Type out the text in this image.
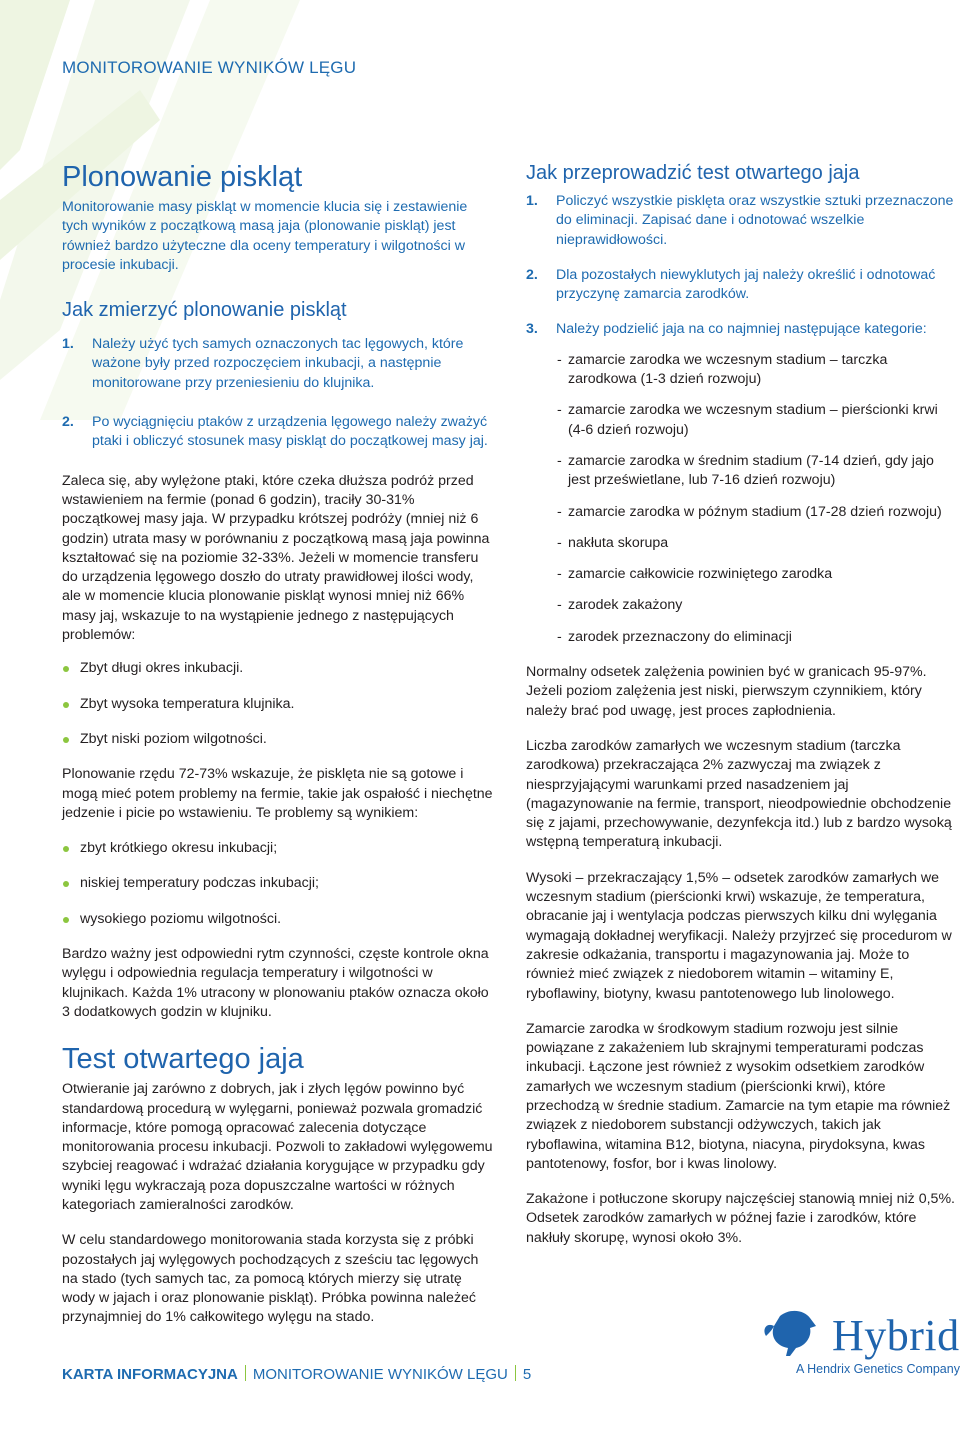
MONITOROWANIE WYNIKÓW LĘGU
Plonowanie piskląt

Monitorowanie masy piskląt w momencie klucia się i zestawienie tych wyników z początkową masą jaja (plonowanie piskląt) jest również bardzo użyteczne dla oceny temperatury i wilgotności w procesie inkubacji.

Jak zmierzyć plonowanie piskląt
1. Należy użyć tych samych oznaczonych tac lęgowych, które ważone były przed rozpoczęciem inkubacji, a następnie monitorowane przy przeniesieniu do klujnika.
2. Po wyciągnięciu ptaków z urządzenia lęgowego należy zważyć ptaki i obliczyć stosunek masy piskląt do początkowej masy jaj.

Zaleca się, aby wylężone ptaki, które czeka dłuższa podróż przed wstawieniem na fermie (ponad 6 godzin), traciły 30-31% początkowej masy jaja. W przypadku krótszej podróży (mniej niż 6 godzin) utrata masy w porównaniu z początkową masą jaja powinna kształtować się na poziomie 32-33%. Jeżeli w momencie transferu do urządzenia lęgowego doszło do utraty prawidłowej ilości wody, ale w momencie klucia plonowanie piskląt wynosi mniej niż 66% masy jaj, wskazuje to na wystąpienie jednego z następujących problemów:

Zbyt długi okres inkubacji.
Zbyt wysoka temperatura klujnika.
Zbyt niski poziom wilgotności.

Plonowanie rzędu 72-73% wskazuje, że pisklęta nie są gotowe i mogą mieć potem problemy na fermie, takie jak ospałość i niechętne jedzenie i picie po wstawieniu. Te problemy są wynikiem:

zbyt krótkiego okresu inkubacji;
niskiej temperatury podczas inkubacji;
wysokiego poziomu wilgotności.

Bardzo ważny jest odpowiedni rytm czynności, częste kontrole okna wylęgu i odpowiednia regulacja temperatury i wilgotności w klujnikach. Każda 1% utracony w plonowaniu ptaków oznacza około 3 dodatkowych godzin w klujniku.

Test otwartego jaja

Otwieranie jaj zarówno z dobrych, jak i złych lęgów powinno być standardową procedurą w wylęgarni, ponieważ pozwala gromadzić informacje, które pomogą opracować zalecenia dotyczące monitorowania procesu inkubacji. Pozwoli to zakładowi wylęgowemu szybciej reagować i wdrażać działania korygujące w przypadku gdy wyniki lęgu wykraczają poza dopuszczalne wartości w różnych kategoriach zamieralności zarodków.

W celu standardowego monitorowania stada korzysta się z próbki pozostałych jaj wylęgowych pochodzących z sześciu tac lęgowych na stado (tych samych tac, za pomocą których mierzy się utratę wody w jajach i oraz plonowanie piskląt). Próbka powinna należeć przynajmniej do 1% całkowitego wylęgu na stado.

Jak przeprowadzić test otwartego jaja
1. Policzyć wszystkie pisklęta oraz wszystkie sztuki przeznaczone do eliminacji. Zapisać dane i odnotować wszelkie nieprawidłowości.
2. Dla pozostałych niewyklutych jaj należy określić i odnotować przyczynę zamarcia zarodków.
3. Należy podzielić jaja na co najmniej następujące kategorie:
- zamarcie zarodka we wczesnym stadium – tarczka zarodkowa (1-3 dzień rozwoju)
- zamarcie zarodka we wczesnym stadium – pierścionki krwi (4-6 dzień rozwoju)
- zamarcie zarodka w średnim stadium (7-14 dzień, gdy jajo jest prześwietlane, lub 7-16 dzień rozwoju)
- zamarcie zarodka w późnym stadium (17-28 dzień rozwoju)
- nakłuta skorupa
- zamarcie całkowicie rozwiniętego zarodka
- zarodek zakażony
- zarodek przeznaczony do eliminacji

Normalny odsetek zalężenia powinien być w granicach 95-97%. Jeżeli poziom zalężenia jest niski, pierwszym czynnikiem, który należy brać pod uwagę, jest proces zapłodnienia.

Liczba zarodków zamarłych we wczesnym stadium (tarczka zarodkowa) przekraczająca 2% zazwyczaj ma związek z niesprzyjającymi warunkami przed nasadzeniem jaj (magazynowanie na fermie, transport, nieodpowiednie obchodzenie się z jajami, przechowywanie, dezynfekcja itd.) lub z bardzo wysoką wstępną temperaturą inkubacji.

Wysoki – przekraczający 1,5% – odsetek zarodków zamarłych we wczesnym stadium (pierścionki krwi) wskazuje, że temperatura, obracanie jaj i wentylacja podczas pierwszych kilku dni wylęgania wymagają dokładnej weryfikacji. Należy przyjrzeć się procedurom w zakresie odkażania, transportu i magazynowania jaj. Może to również mieć związek z niedoborem witamin – witaminy E, ryboflawiny, biotyny, kwasu pantotenowego lub linolowego.

Zamarcie zarodka w środkowym stadium rozwoju jest silnie powiązane z zakażeniem lub skrajnymi temperaturami podczas inkubacji. Łączone jest również z wysokim odsetkiem zarodków zamarłych we wczesnym stadium (pierścionki krwi), które przechodzą w średnie stadium. Zamarcie na tym etapie ma również związek z niedoborem substancji odżywczych, takich jak ryboflawina, witamina B12, biotyna, niacyna, pirydoksyna, kwas pantotenowy, fosfor, bor i kwas linolowy.

Zakażone i potłuczone skorupy najczęściej stanowią mniej niż 0,5%. Odsetek zarodków zamarłych w późnej fazie i zarodków, które nakłuły skorupę, wynosi około 3%.

KARTA INFORMACYJNA MONITOROWANIE WYNIKÓW LĘGU 5
Hybrid
A Hendrix Genetics Company
